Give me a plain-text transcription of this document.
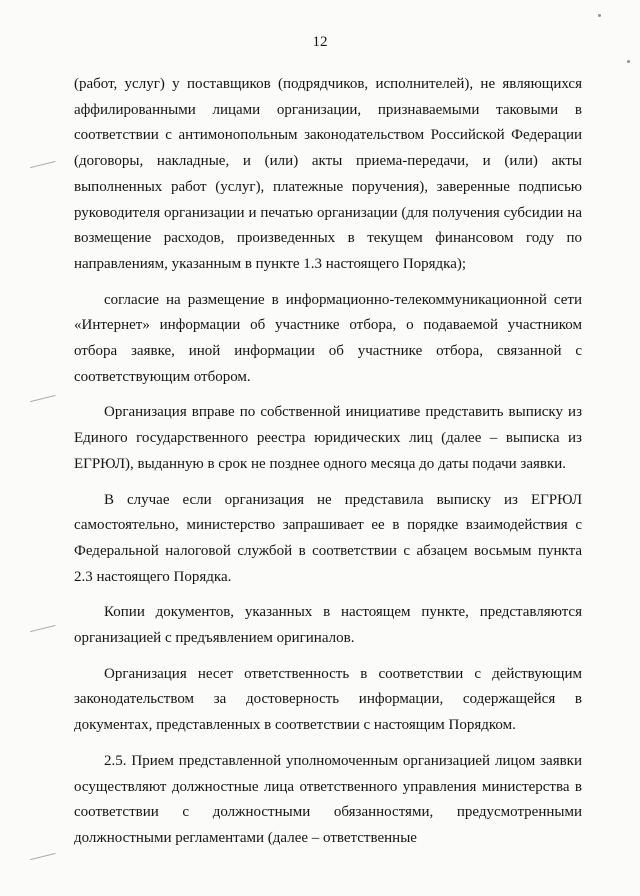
12

(работ, услуг) у поставщиков (подрядчиков, исполнителей), не являющихся аффилированными лицами организации, признаваемыми таковыми в соответствии с антимонопольным законодательством Российской Федерации (договоры, накладные, и (или) акты приема-передачи, и (или) акты выполненных работ (услуг), платежные поручения), заверенные подписью руководителя организации и печатью организации (для получения субсидии на возмещение расходов, произведенных в текущем финансовом году по направлениям, указанным в пункте 1.3 настоящего Порядка);

согласие на размещение в информационно-телекоммуникационной сети «Интернет» информации об участнике отбора, о подаваемой участником отбора заявке, иной информации об участнике отбора, связанной с соответствующим отбором.

Организация вправе по собственной инициативе представить выписку из Единого государственного реестра юридических лиц (далее – выписка из ЕГРЮЛ), выданную в срок не позднее одного месяца до даты подачи заявки.

В случае если организация не представила выписку из ЕГРЮЛ самостоятельно, министерство запрашивает ее в порядке взаимодействия с Федеральной налоговой службой в соответствии с абзацем восьмым пункта 2.3 настоящего Порядка.

Копии документов, указанных в настоящем пункте, представляются организацией с предъявлением оригиналов.

Организация несет ответственность в соответствии с действующим законодательством за достоверность информации, содержащейся в документах, представленных в соответствии с настоящим Порядком.

2.5. Прием представленной уполномоченным организацией лицом заявки осуществляют должностные лица ответственного управления министерства в соответствии с должностными обязанностями, предусмотренными должностными регламентами (далее – ответственные
